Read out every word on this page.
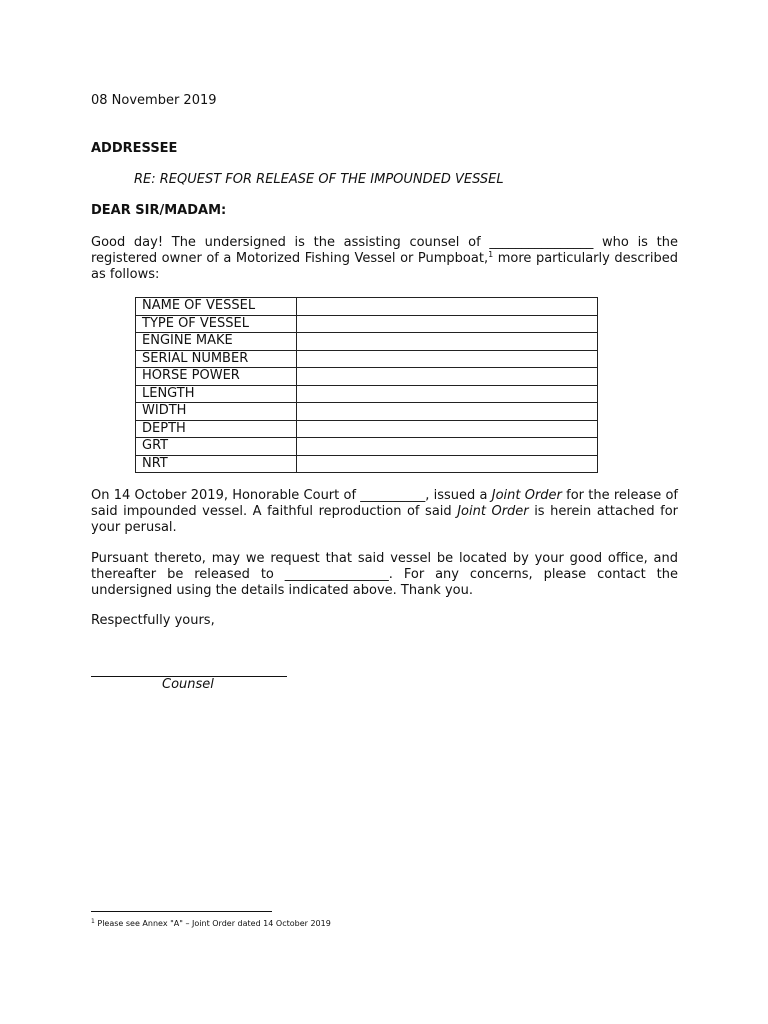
08 November 2019
ADDRESSEE
RE: REQUEST FOR RELEASE OF THE IMPOUNDED VESSEL
DEAR SIR/MADAM:

Good day! The undersigned is the assisting counsel of ________________ who is the registered owner of a Motorized Fishing Vessel or Pumpboat,$^1$ more particularly described as follows:

NAME OF VESSEL	
TYPE OF VESSEL	
ENGINE MAKE	
SERIAL NUMBER	
HORSE POWER	
LENGTH	
WIDTH	
DEPTH	
GRT	
NRT	

On 14 October 2019, Honorable Court of __________, issued a Joint Order for the release of said impounded vessel. A faithful reproduction of said Joint Order is herein attached for your perusal.

Pursuant thereto, may we request that said vessel be located by your good office, and thereafter be released to ________________. For any concerns, please contact the undersigned using the details indicated above. Thank you.

Respectfully yours,
Counsel
$^1$ Please see Annex "A" – Joint Order dated 14 October 2019
